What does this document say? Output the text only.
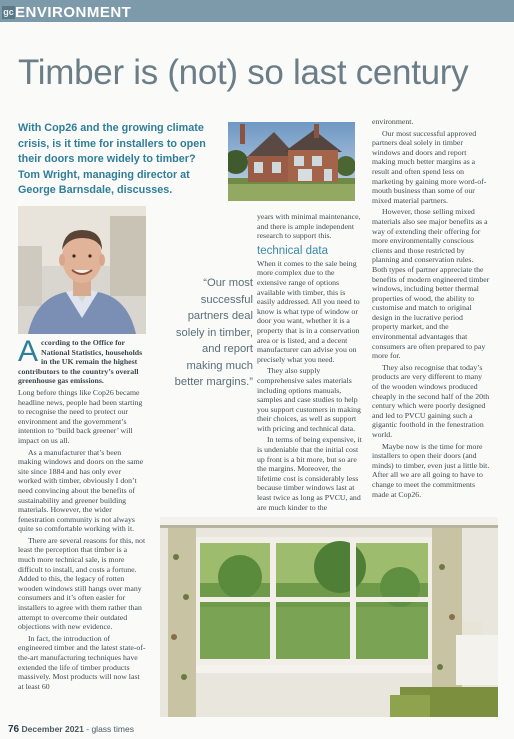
gc ENVIRONMENT
Timber is (not) so last century
With Cop26 and the growing climate crisis, is it time for installers to open their doors more widely to timber? Tom Wright, managing director at George Barnsdale, discusses.

According to the Office for National Statistics, households in the UK remain the highest contributors to the country’s overall greenhouse gas emissions.

Long before things like Cop26 became headline news, people had been starting to recognise the need to protect our environment and the government’s intention to ‘build back greener’ will impact on us all.

As a manufacturer that’s been making windows and doors on the same site since 1884 and has only ever worked with timber, obviously I don’t need convincing about the benefits of sustainability and greener building materials. However, the wider fenestration community is not always quite so comfortable working with it.

There are several reasons for this, not least the perception that timber is a much more technical sale, is more difficult to install, and costs a fortune. Added to this, the legacy of rotten wooden windows still hangs over many consumers and it’s often easier for installers to agree with them rather than attempt to overcome their outdated objections with new evidence.

In fact, the introduction of engineered timber and the latest state-of-the-art manufacturing techniques have extended the life of timber products massively. Most products will now last at least 60

“Our most successful partners deal solely in timber, and report making much better margins.”

years with minimal maintenance, and there is ample independent research to support this.

technical data

When it comes to the sale being more complex due to the extensive range of options available with timber, this is easily addressed. All you need to know is what type of window or door you want, whether it is a property that is in a conservation area or is listed, and a decent manufacturer can advise you on precisely what you need.

They also supply comprehensive sales materials including options manuals, samples and case studies to help you support customers in making their choices, as well as support with pricing and technical data.

In terms of being expensive, it is undeniable that the initial cost up front is a bit more, but so are the margins. Moreover, the lifetime cost is considerably less because timber windows last at least twice as long as PVCU, and are much kinder to the

environment.

Our most successful approved partners deal solely in timber windows and doors and report making much better margins as a result and often spend less on marketing by gaining more word-of-mouth business than some of our mixed material partners.

However, those selling mixed materials also see major benefits as a way of extending their offering for more environmentally conscious clients and those restricted by planning and conservation rules. Both types of partner appreciate the benefits of modern engineered timber windows, including better thermal properties of wood, the ability to customise and match to original design in the lucrative period property market, and the environmental advantages that consumers are often prepared to pay more for.

They also recognise that today’s products are very different to many of the wooden windows produced cheaply in the second half of the 20th century which were poorly designed and led to PVCU gaining such a gigantic foothold in the fenestration world.

Maybe now is the time for more installers to open their doors (and minds) to timber, even just a little bit. After all we are all going to have to change to meet the commitments made at Cop26.

76 December 2021 - glass times
